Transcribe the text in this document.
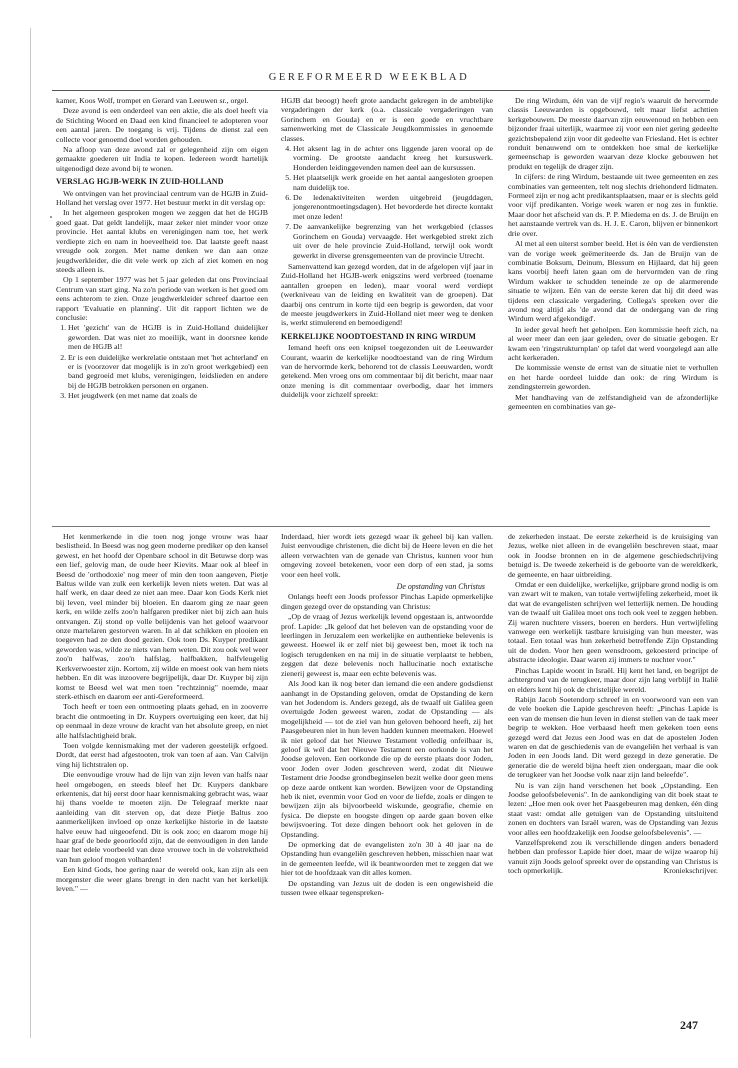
GEREFORMEERD WEEKBLAD

kamer, Koos Wolf, trompet en Gerard van Leeuwen sr., orgel.

Deze avond is een onderdeel van een aktie, die als doel heeft via de Stichting Woord en Daad een kind financieel te adopteren voor een aantal jaren. De toegang is vrij. Tijdens de dienst zal een collecte voor genoemd doel worden gehouden.

Na afloop van deze avond zal er gelegenheid zijn om eigen gemaakte goederen uit India te kopen. Iedereen wordt hartelijk uitgenodigd deze avond bij te wonen.

VERSLAG HGJB-WERK IN ZUID-HOLLAND

We ontvingen van het provinciaal centrum van de HGJB in Zuid-Holland het verslag over 1977. Het bestuur merkt in dit verslag op:

In het algemeen gesproken mogen we zeggen dat het de HGJB goed gaat. Dat geldt landelijk, maar zeker niet minder voor onze provincie. Het aantal klubs en verenigingen nam toe, het werk verdiepte zich en nam in hoeveelheid toe. Dat laatste geeft naast vreugde ook zorgen. Met name denken we dan aan onze jeugdwerkleider, die dit vele werk op zich af ziet komen en nog steeds alleen is.

Op 1 september 1977 was het 5 jaar geleden dat ons Provinciaal Centrum van start ging. Na zo'n periode van werken is het goed om eens achterom te zien. Onze jeugdwerkleider schreef daartoe een rapport 'Evaluatie en planning'. Uit dit rapport lichten we de conclusie:

1. Het 'gezicht' van de HGJB is in Zuid-Holland duidelijker geworden. Dat was niet zo moeilijk, want in doorsnee kende men de HGJB al!
2. Er is een duidelijke werkrelatie ontstaan met 'het achterland' en er is (voorzover dat mogelijk is in zo'n groot werkgebied) een band gegroeid met klubs, verenigingen, leidslieden en andere bij de HGJB betrokken personen en organen.
3. Het jeugdwerk (en met name dat zoals de

HGJB dat beoogt) heeft grote aandacht gekregen in de ambtelijke vergaderingen der kerk (o.a. classicale vergaderingen van Gorinchem en Gouda) en er is een goede en vruchtbare samenwerking met de Classicale Jeugdkommissies in genoemde classes.

4. Het aksent lag in de achter ons liggende jaren vooral op de vorming. De grootste aandacht kreeg het kursuswerk. Honderden leidinggevenden namen deel aan de kursussen.
5. Het plaatselijk werk groeide en het aantal aangesloten groepen nam duidelijk toe.
6. De ledenaktiviteiten werden uitgebreid (jeugddagen, jongerenontmoetingsdagen). Het bevorderde het directe kontakt met onze leden!
7. De aanvankelijke begrenzing van het werkgebied (classes Gorinchem en Gouda) vervaagde. Het werkgebied strekt zich uit over de hele provincie Zuid-Holland, terwijl ook wordt gewerkt in diverse grensgemeenten van de provincie Utrecht.

Samenvattend kan gezegd worden, dat in de afgelopen vijf jaar in Zuid-Holland het HGJB-werk enigszins werd verbreed (toename aantallen groepen en leden), maar vooral werd verdiept (werkniveau van de leiding en kwaliteit van de groepen). Dat daarbij ons centrum in korte tijd een begrip is geworden, dat voor de meeste jeugdwerkers in Zuid-Holland niet meer weg te denken is, werkt stimulerend en bemoedigend!

KERKELIJKE NOODTOESTAND IN RING WIRDUM

Iemand heeft ons een knipsel toegezonden uit de Leeuwarder Courant, waarin de kerkelijke noodtoestand van de ring Wirdum van de hervormde kerk, behorend tot de classis Leeuwarden, wordt getekend. Men vroeg ons om commentaar bij dit bericht, maar naar onze mening is dit commentaar overbodig, daar het immers duidelijk voor zichzelf spreekt:

De ring Wirdum, één van de vijf regio's waaruit de hervormde classis Leeuwarden is opgebouwd, telt maar liefst achttien kerkgebouwen. De meeste daarvan zijn eeuwenoud en hebben een bijzonder fraai uiterlijk, waarmee zij voor een niet gering gedeelte gezichtsbepalend zijn voor dit gedeelte van Friesland. Het is echter ronduit benauwend om te ontdekken hoe smal de kerkelijke gemeenschap is geworden waarvan deze klocke gebouwen het produkt en tegelijk de drager zijn.

In cijfers: de ring Wirdum, bestaande uit twee gemeenten en zes combinaties van gemeenten, telt nog slechts driehonderd lidmaten. Formeel zijn er nog acht predikantsplaatsen, maar er is slechts geld voor vijf predikanten. Vorige week waren er nog zes in funktie. Maar door het afscheid van ds. P. P. Miedema en ds. J. de Bruijn en het aanstaande vertrek van ds. H. J. E. Caron, blijven er binnenkort drie over.

Al met al een uiterst somber beeld. Het is één van de verdiensten van de vorige week geëmeriteerde ds. Jan de Bruijn van de combinatie Boksum, Deinum, Blessum en Hijlaard, dat hij geen kans voorbij heeft laten gaan om de hervormden van de ring Wirdum wakker te schudden teneinde ze op de alarmerende situatie te wijzen. Eén van de eerste keren dat hij dit deed was tijdens een classicale vergadering. Collega's spreken over die avond nog altijd als 'de avond dat de ondergang van de ring Wirdum werd afgekondigd'.

In ieder geval heeft het geholpen. Een kommissie heeft zich, na al weer meer dan een jaar geleden, over de situatie gebogen. Er kwam een 'ringstrukturnplan' op tafel dat werd voorgelegd aan alle acht kerkeraden.

De kommissie wenste de ernst van de situatie niet te verhullen en het harde oordeel luidde dan ook: de ring Wirdum is zendingsterrein geworden.

Met handhaving van de zelfstandigheid van de afzonderlijke gemeenten en combinaties van ge-

Het kenmerkende in die toen nog jonge vrouw was haar beslistheid. In Beesd was nog geen moderne prediker op den kansel gewest, en het hoofd der Openbare school in dit Betuwse dorp was een lief, gelovig man, de oude heer Kievits. Maar ook al bleef in Beesd de 'orthodoxie' nog meer of min den toon aangeven, Pietje Baltus wilde van zulk een kerkelijk leven niets weten. Dat was al half werk, en daar deed ze niet aan mee. Daar kon Gods Kerk niet bij leven, veel minder bij bloeien. En daarom ging ze naar geen kerk, en wilde zelfs zoo'n halfgaren prediker niet bij zich aan huis ontvangen. Zij stond op volle belijdenis van het geloof waarvoor onze martelaren gestorven waren. In al dat schikken en plooien en toegeven had ze den dood gezien. Ook toen Ds. Kuyper predikant geworden was, wilde ze niets van hem weten. Dit zou ook wel weer zoo'n halfwas, zoo'n halfslag, halfbakken, halfvleugelig Kerkverwoester zijn. Kortom, zij wilde en moest ook van hem niets hebben. En dit was inzoovere begrijpelijk, daar Dr. Kuyper bij zijn komst te Beesd wel wat men toen "rechtzinnig" noemde, maar sterk-ethisch en daarom eer anti-Gereformeerd.

Toch heeft er toen een ontmoeting plaats gehad, en in zooverre bracht die ontmoeting in Dr. Kuypers overtuiging een keer, dat hij op eenmaal in deze vrouw de kracht van het absolute greep, en niet alle halfslachtigheid brak.

Toen volgde kennismaking met der vaderen geestelijk erfgoed. Dordt, dat eerst had afgestooten, trok van toen af aan. Van Calvijn ving hij lichtstralen op.

Die eenvoudige vrouw had de lijn van zijn leven van halfs naar heel omgebogen, en steeds bleef het Dr. Kuypers dankbare erkentenis, dat hij eerst door haar kennismaking gebracht was, waar hij thans voelde te moeten zijn. De Telegraaf merkte naar aanleiding van dit sterven op, dat deze Pietje Baltus zoo aanmerkelijken invloed op onze kerkelijke historie in de laatste halve eeuw had uitgeoefend. Dit is ook zoo; en daarom moge hij haar graf de bede geoorloofd zijn, dat de eenvoudigen in den lande naar het edele voorbeeld van deze vrouwe toch in de volstrektheid van hun geloof mogen volharden!

Een kind Gods, hoe gering naar de wereld ook, kan zijn als een morgenster die weer glans brengt in den nacht van het kerkelijk leven." —

Inderdaad, hier wordt iets gezegd waar ik geheel bij kan vallen. Juist eenvoudige christenen, die dicht bij de Heere leven en die het alleen verwachten van de genade van Christus, kunnen voor hun omgeving zoveel betekenen, voor een dorp of een stad, ja soms voor een heel volk.

De opstanding van Christus

Onlangs heeft een Joods professor Pinchas Lapide opmerkelijke dingen gezegd over de opstanding van Christus:

„Op de vraag of Jezus werkelijk levend opgestaan is, antwoordde prof. Lapide: „Ik geloof dat het beleven van de opstanding voor de leerlingen in Jeruzalem een werkelijke en authentieke belevenis is geweest. Hoewel ik er zelf niet bij geweest ben, moet ik toch na logisch terugdenken en na mij in de situatie verplaatst te hebben, zeggen dat deze belevenis noch hallucinatie noch extatische zienerij geweest is, maar een echte belevenis was.

Als Jood kan ik nog beter dan iemand die een andere godsdienst aanhangt in de Opstanding geloven, omdat de Opstanding de kern van het Jodendom is. Anders gezegd, als de twaalf uit Galilea geen overtuigde Joden geweest waren, zodat de Opstanding — als mogelijkheid — tot de ziel van hun geloven behoord heeft, zij het Paasgebeuren niet in hun leven hadden kunnen meemaken. Hoewel ik niet geloof dat het Nieuwe Testament volledig onfeilbaar is, geloof ik wél dat het Nieuwe Testament een oorkonde is van het Joodse geloven. Een oorkonde die op de eerste plaats door Joden, voor Joden over Joden geschreven werd, zodat dit Nieuwe Testament drie Joodse grondbeginselen bezit welke door geen mens op deze aarde ontkent kan worden. Bewijzen voor de Opstanding heb ik niet, evenmin voor God en voor de liefde, zoals er dingen te bewijzen zijn als bijvoorbeeld wiskunde, geografie, chemie en fysica. De diepste en hoogste dingen op aarde gaan boven elke bewijsvoering. Tot deze dingen behoort ook het geloven in de Opstanding.

De opmerking dat de evangelisten zo'n 30 à 40 jaar na de Opstanding hun evangeliën geschreven hebben, misschien naar wat in de gemeenten leefde, wil ik beantwoorden met te zeggen dat we hier tot de hoofdzaak van dit alles komen.

De opstanding van Jezus uit de doden is een ongewisheid die tussen twee elkaar tegenspreken-

de zekerheden instaat. De eerste zekerheid is de kruisiging van Jezus, welke niet alleen in de evangeliën beschreven staat, maar ook in Joodse bronnen en in de algemene geschiedschrijving betuigd is. De tweede zekerheid is de geboorte van de wereldkerk, de gemeente, en haar uitbreiding.

Omdat er een duidelijke, werkelijke, grijpbare grond nodig is om van zwart wit te maken, van totale vertwijfeling zekerheid, moet ik dat wat de evangelisten schrijven wel letterlijk nemen. De houding van de twaalf uit Galilea moet ons toch ook veel te zeggen hebben. Zij waren nuchtere vissers, boeren en herders. Hun vertwijfeling vanwege een werkelijk tastbare kruisiging van hun meester, was totaal. Een totaal was hun zekerheid betreffende Zijn Opstanding uit de doden. Voor hen geen wensdroom, gekoesterd principe of abstracte ideologie. Daar waren zij immers te nuchter voor."

Pinchas Lapide woont in Israël. Hij kent het land, en begrijpt de achtergrond van de terugkeer, maar door zijn lang verblijf in Italië en elders kent hij ook de christelijke wereld.

Rabijn Jacob Soetendorp schreef in en voorwoord van een van de vele boeken die Lapide geschreven heeft: „Pinchas Lapide is een van de mensen die hun leven in dienst stellen van de taak meer begrip te wekken. Hoe verbaasd heeft men gekeken toen eens gezegd werd dat Jezus een Jood was en dat de apostelen Joden waren en dat de geschiedenis van de evangeliën het verhaal is van Joden in een Joods land. Dit werd gezegd in deze generatie. De generatie die de wereld bijna heeft zien ondergaan, maar die ook de terugkeer van het Joodse volk naar zijn land beleefde".

Nu is van zijn hand verschenen het boek „Opstanding. Een Joodse geloofsbelevenis". In de aankondiging van dit boek staat te lezen: „Hoe men ook over het Paasgebeuren mag denken, één ding staat vast: omdat alle getuigen van de Opstanding uitsluitend zonen en dochters van Israël waren, was de Opstanding van Jezus voor alles een hoofdzakelijk een Joodse geloofsbelevenis". —

Vanzelfsprekend zou ik verschillende dingen anders benaderd hebben dan professor Lapide hier doet, maar de wijze waarop hij vanuit zijn Joods geloof spreekt over de opstanding van Christus is toch opmerkelijk.	Kroniekschrijver.

247
